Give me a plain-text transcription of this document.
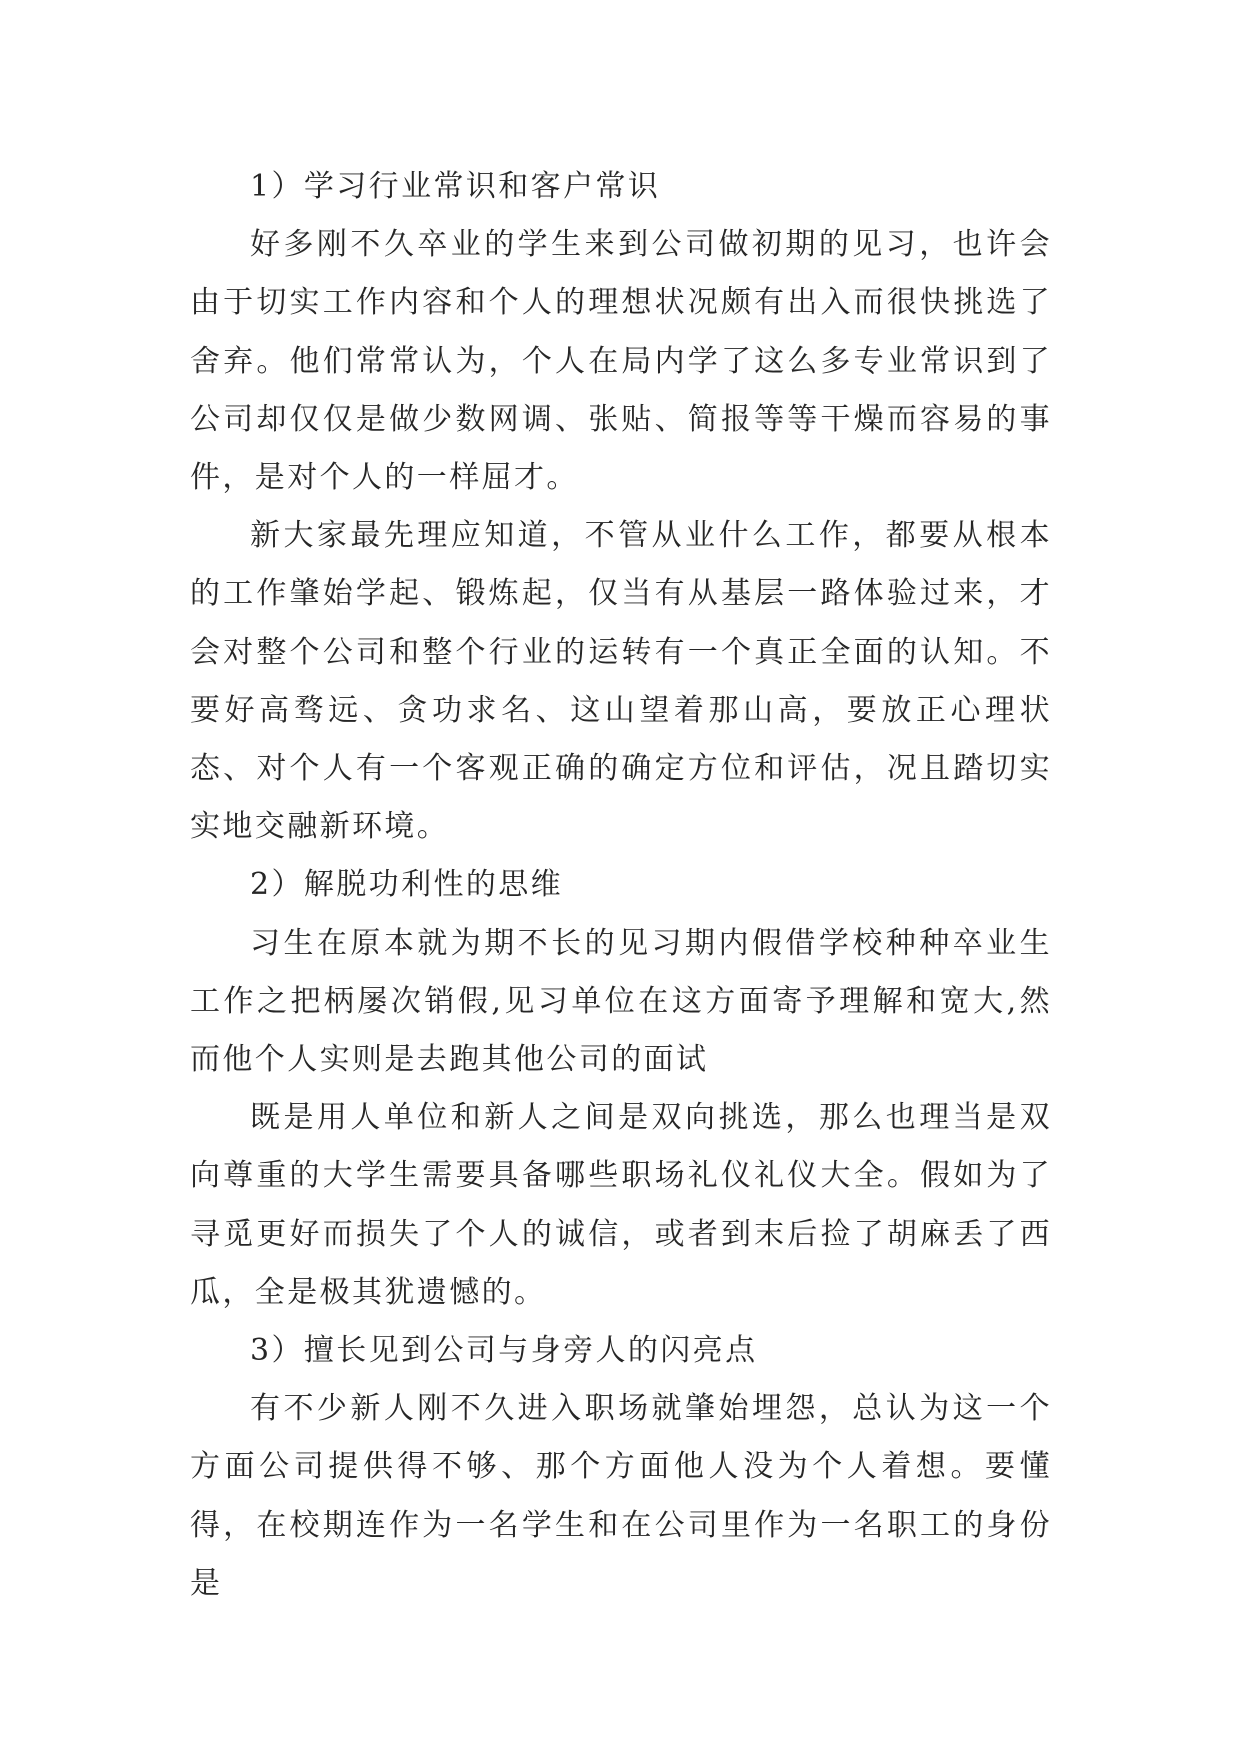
1）学习行业常识和客户常识

好多刚不久卒业的学生来到公司做初期的见习，也许会由于切实工作内容和个人的理想状况颇有出入而很快挑选了舍弃。他们常常认为，个人在局内学了这么多专业常识到了公司却仅仅是做少数网调、张贴、简报等等干燥而容易的事件，是对个人的一样屈才。

新大家最先理应知道，不管从业什么工作，都要从根本的工作肇始学起、锻炼起，仅当有从基层一路体验过来，才会对整个公司和整个行业的运转有一个真正全面的认知。不要好高骛远、贪功求名、这山望着那山高，要放正心理状态、对个人有一个客观正确的确定方位和评估，况且踏切实实地交融新环境。

2）解脱功利性的思维

习生在原本就为期不长的见习期内假借学校种种卒业生工作之把柄屡次销假,见习单位在这方面寄予理解和宽大,然而他个人实则是去跑其他公司的面试

既是用人单位和新人之间是双向挑选，那么也理当是双向尊重的大学生需要具备哪些职场礼仪礼仪大全。假如为了寻觅更好而损失了个人的诚信，或者到末后捡了胡麻丢了西瓜，全是极其犹遗憾的。

3）擅长见到公司与身旁人的闪亮点

有不少新人刚不久进入职场就肇始埋怨，总认为这一个方面公司提供得不够、那个方面他人没为个人着想。要懂得，在校期连作为一名学生和在公司里作为一名职工的身份是
